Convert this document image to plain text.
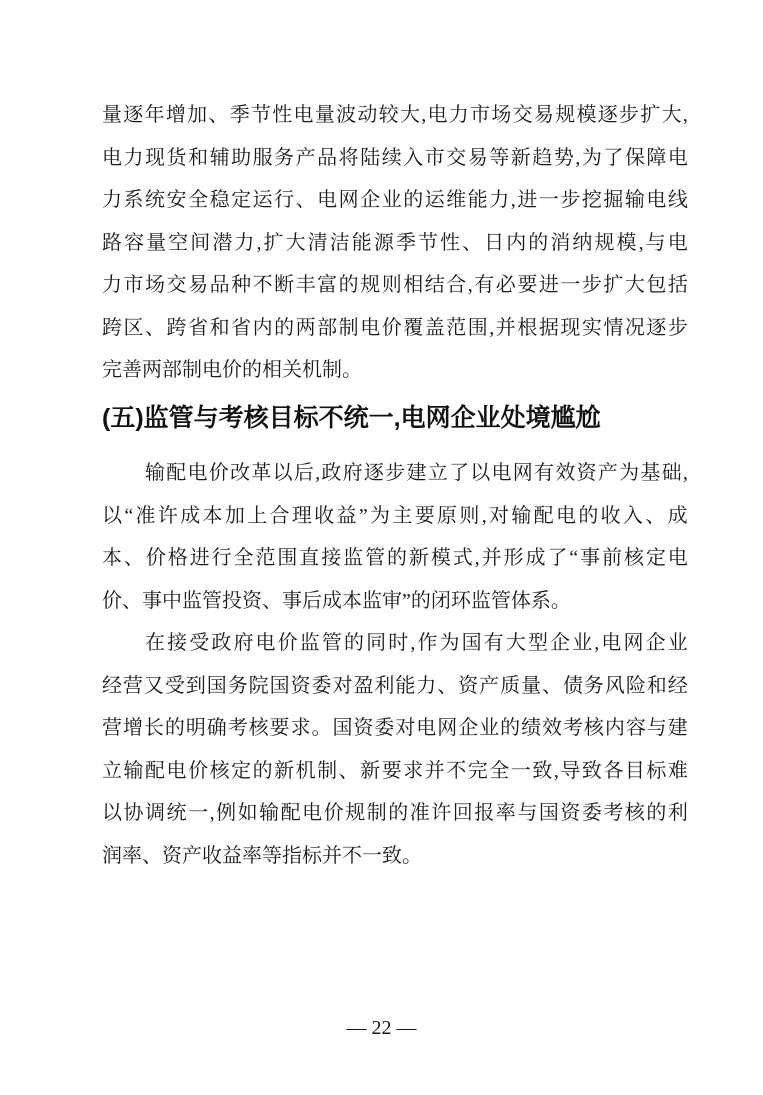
量 逐 年 增 加 、 季 节 性 电 量 波 动 较 大 , 电 力 市 场 交 易 规 模 逐 步 扩 大 ,
电 力 现 货 和 辅 助 服 务 产 品 将 陆 续 入 市 交 易 等 新 趋 势 , 为 了 保 障 电
力 系 统 安 全 稳 定 运 行 、 电 网 企 业 的 运 维 能 力 , 进 一 步 挖 掘 输 电 线
路 容 量 空 间 潜 力 , 扩 大 清 洁 能 源 季 节 性 、 日 内 的 消 纳 规 模 , 与 电
力 市 场 交 易 品 种 不 断 丰 富 的 规 则 相 结 合 , 有 必 要 进 一 步 扩 大 包 括
跨 区 、 跨 省 和 省 内 的 两 部 制 电 价 覆 盖 范 围 , 并 根 据 现 实 情 况 逐 步
完善两部制电价的相关机制。
(五)监管与考核目标不统一,电网企业处境尴尬
输 配 电 价 改 革 以 后 , 政 府 逐 步 建 立 了 以 电 网 有 效 资 产 为 基 础 ,
以 “ 准 许 成 本 加 上 合 理 收 益 ” 为 主 要 原 则 , 对 输 配 电 的 收 入 、 成
本 、 价 格 进 行 全 范 围 直 接 监 管 的 新 模 式 , 并 形 成 了 “ 事 前 核 定 电
价、事中监管投资、事后成本监审”的闭环监管体系。
在 接 受 政 府 电 价 监 管 的 同 时 , 作 为 国 有 大 型 企 业 , 电 网 企 业
经 营 又 受 到 国 务 院 国 资 委 对 盈 利 能 力 、 资 产 质 量 、 债 务 风 险 和 经
营 增 长 的 明 确 考 核 要 求 。 国 资 委 对 电 网 企 业 的 绩 效 考 核 内 容 与 建
立 输 配 电 价 核 定 的 新 机 制 、 新 要 求 并 不 完 全 一 致 , 导 致 各 目 标 难
以 协 调 统 一 , 例 如 输 配 电 价 规 制 的 准 许 回 报 率 与 国 资 委 考 核 的 利
润率、资产收益率等指标并不一致。
— 22 —
